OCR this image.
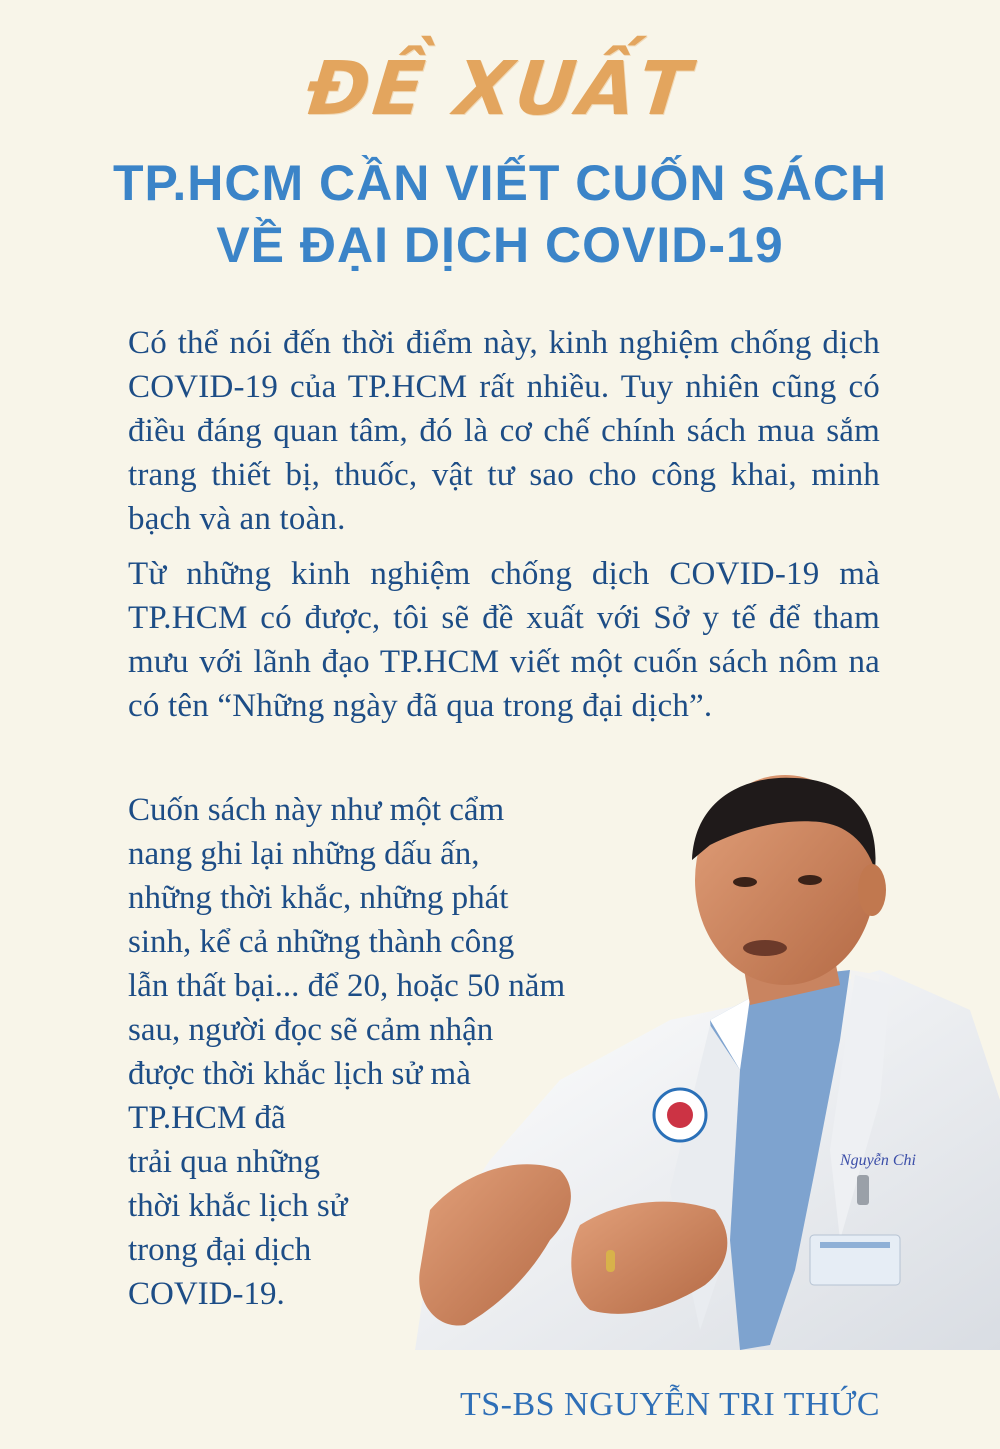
ĐỀ XUẤT
TP.HCM CẦN VIẾT CUỐN SÁCH
VỀ ĐẠI DỊCH COVID-19

Có thể nói đến thời điểm này, kinh nghiệm chống dịch COVID-19 của TP.HCM rất nhiều. Tuy nhiên cũng có điều đáng quan tâm, đó là cơ chế chính sách mua sắm trang thiết bị, thuốc, vật tư sao cho công khai, minh bạch và an toàn.

Từ những kinh nghiệm chống dịch COVID-19 mà TP.HCM có được, tôi sẽ đề xuất với Sở y tế để tham mưu với lãnh đạo TP.HCM viết một cuốn sách nôm na có tên “Những ngày đã qua trong đại dịch”.

Cuốn sách này như một cẩm
nang ghi lại những dấu ấn,
những thời khắc, những phát
sinh, kể cả những thành công
lẫn thất bại... để 20, hoặc 50 năm
sau, người đọc sẽ cảm nhận
được thời khắc lịch sử mà
TP.HCM đã
trải qua những
thời khắc lịch sử
trong đại dịch
COVID-19.

Nguyễn Chi
TS-BS NGUYỄN TRI THỨC
